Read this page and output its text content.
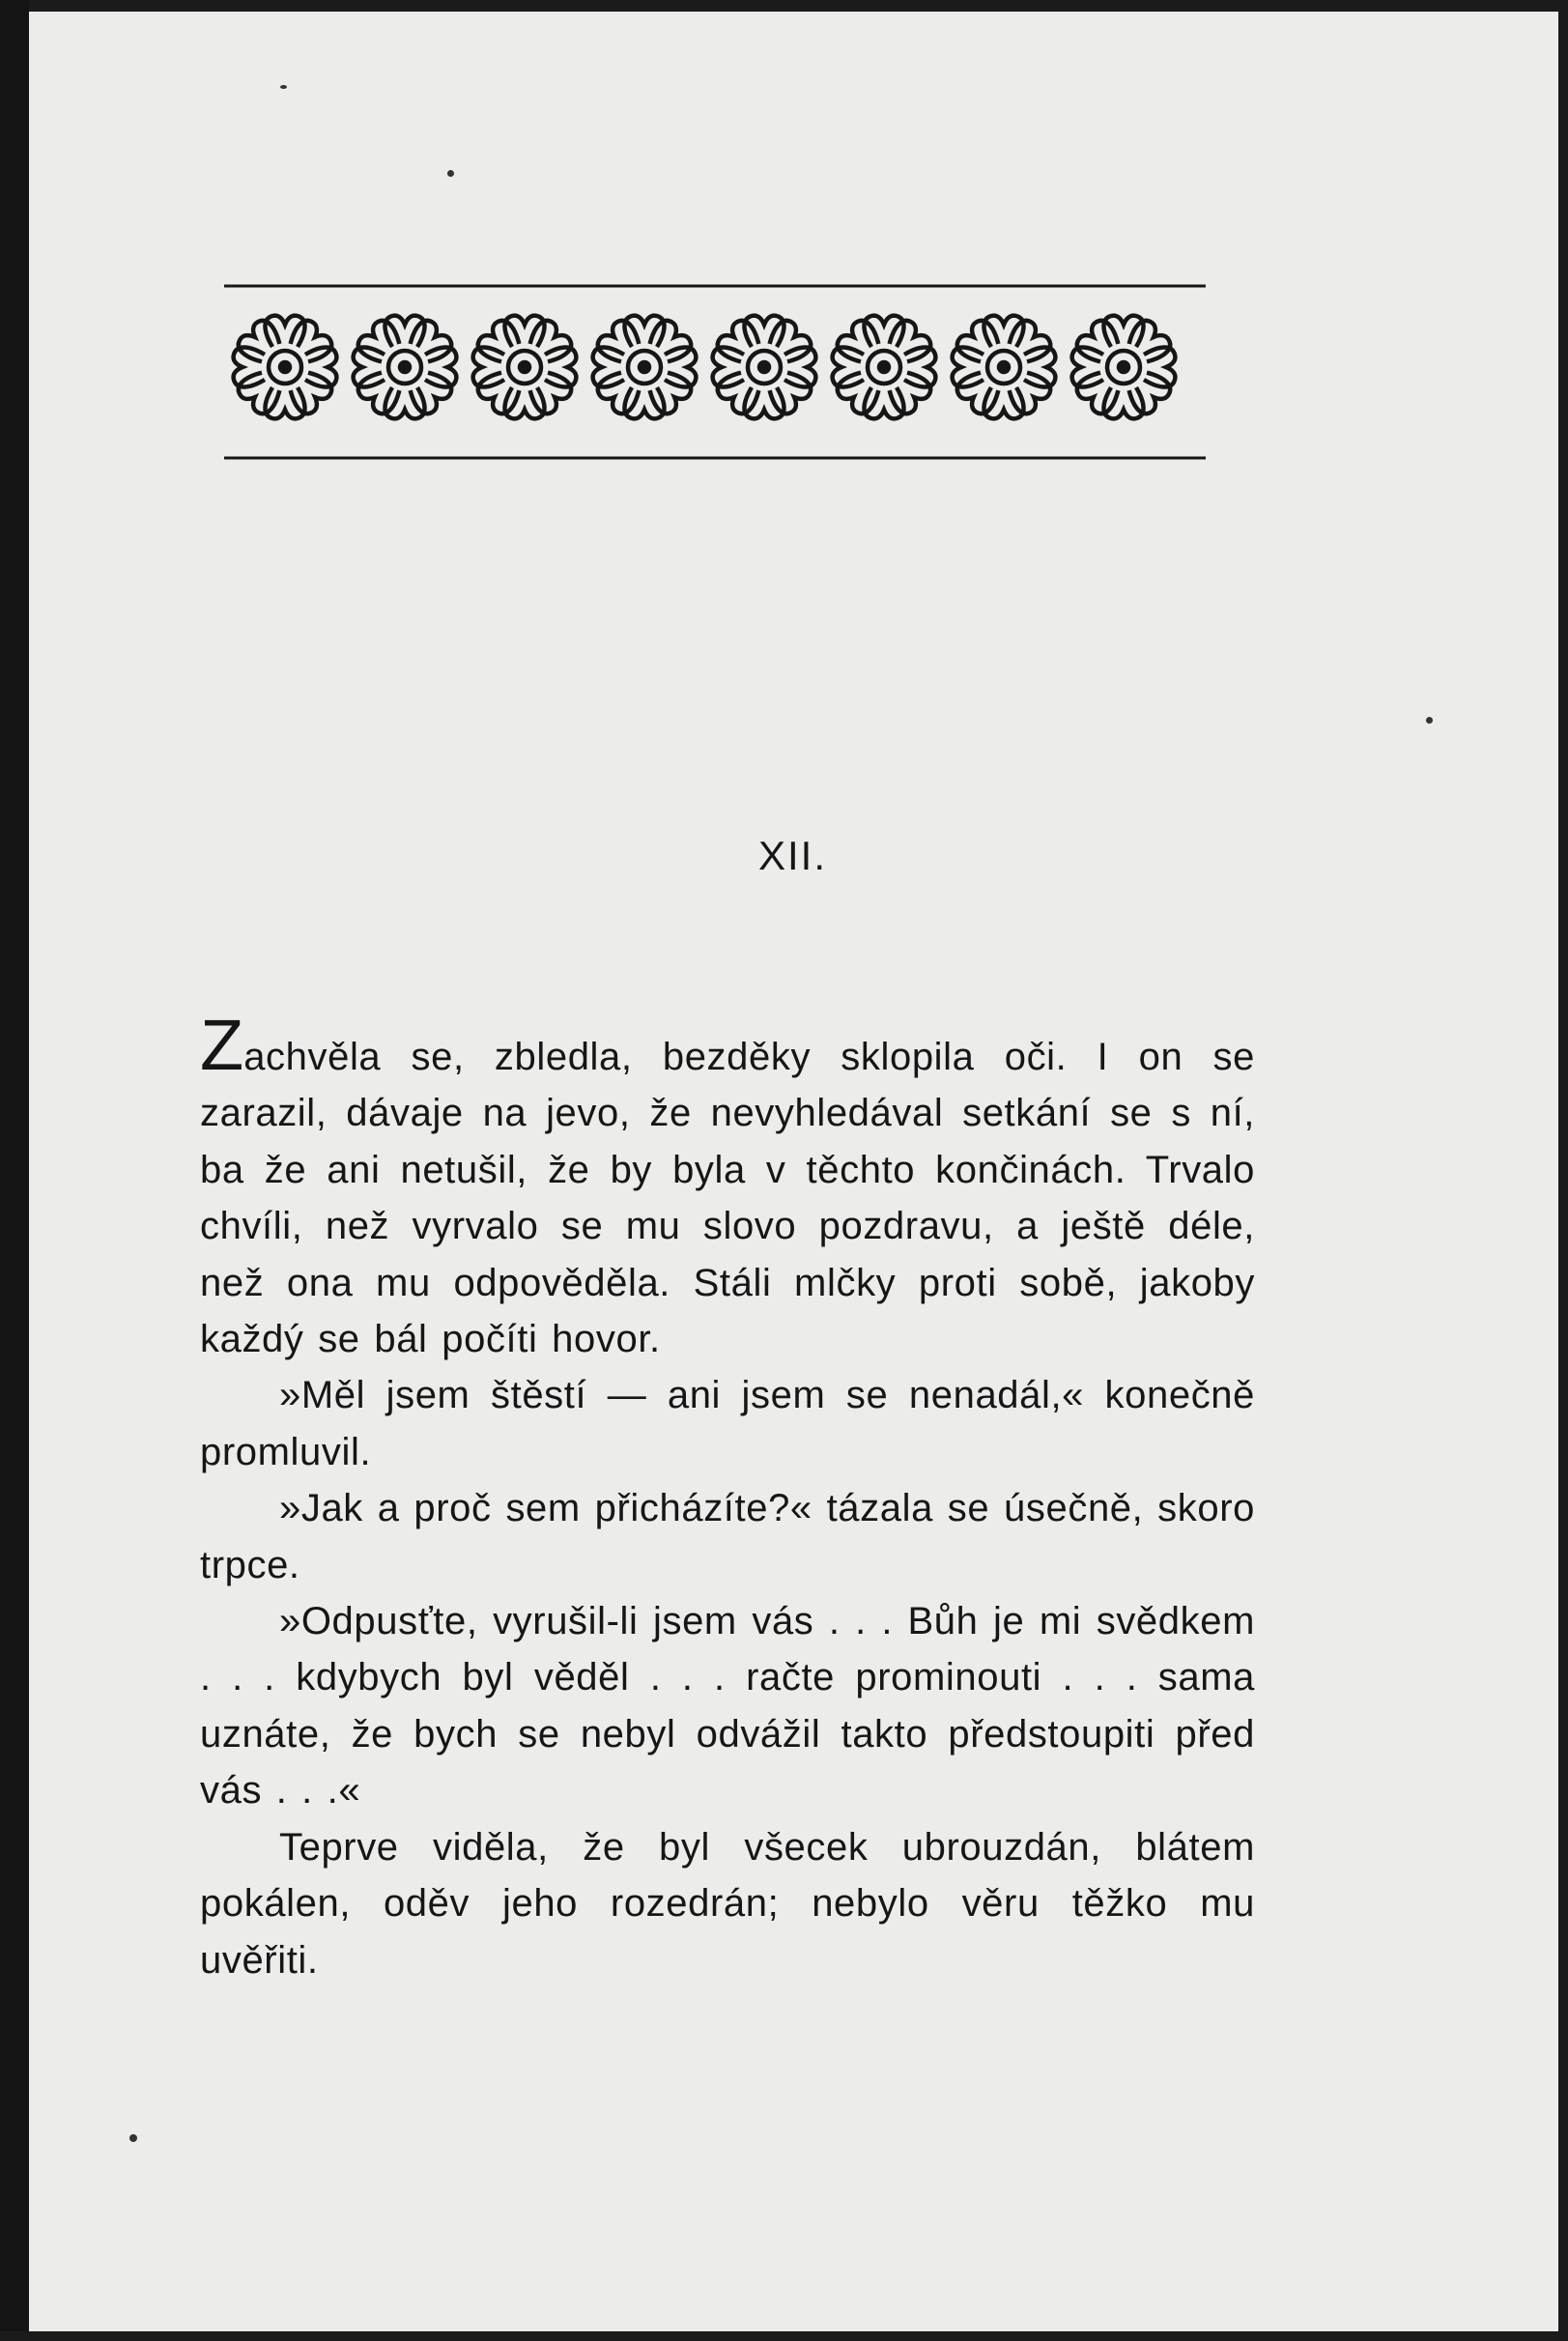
XII.

Zachvěla se, zbledla, bezděky sklopila oči. I on se zarazil, dávaje na jevo, že nevyhledával setkání se s ní, ba že ani netušil, že by byla v těchto končinách. Trvalo chvíli, než vyrvalo se mu slovo pozdravu, a ještě déle, než ona mu odpověděla. Stáli mlčky proti sobě, jakoby každý se bál počíti hovor.

»Měl jsem štěstí — ani jsem se nenadál,« konečně promluvil.

»Jak a proč sem přicházíte?« tázala se úsečně, skoro trpce.

»Odpusťte, vyrušil-li jsem vás . . . Bůh je mi svědkem . . . kdybych byl věděl . . . račte prominouti . . . sama uznáte, že bych se nebyl odvážil takto předstoupiti před vás . . .«

Teprve viděla, že byl všecek ubrouzdán, blátem pokálen, oděv jeho rozedrán; nebylo věru těžko mu uvěřiti.
